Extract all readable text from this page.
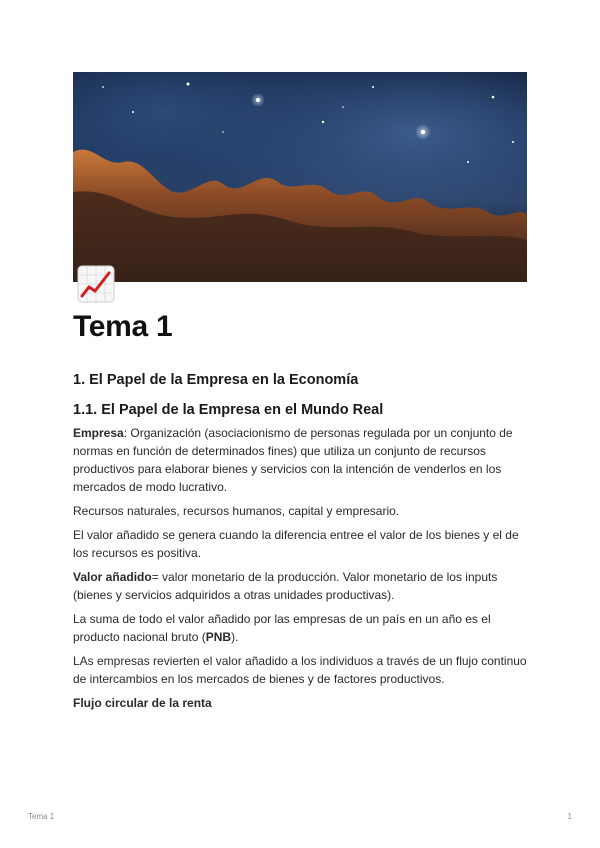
Tema 1
1. El Papel de la Empresa en la Economía
1.1. El Papel de la Empresa en el Mundo Real

Empresa: Organización (asociacionismo de personas regulada por un conjunto de normas en función de determinados fines) que utiliza un conjunto de recursos productivos para elaborar bienes y servicios con la intención de venderlos en los mercados de modo lucrativo.

Recursos naturales, recursos humanos, capital y empresario.

El valor añadido se genera cuando la diferencia entree el valor de los bienes y el de los recursos es positiva.

Valor añadido= valor monetario de la producción. Valor monetario de los inputs (bienes y servicios adquiridos a otras unidades productivas).

La suma de todo el valor añadido por las empresas de un país en un año es el producto nacional bruto (PNB).

LAs empresas revierten el valor añadido a los individuos a través de un flujo continuo de intercambios en los mercados de bienes y de factores productivos.

Flujo circular de la renta

Tema 1	1
